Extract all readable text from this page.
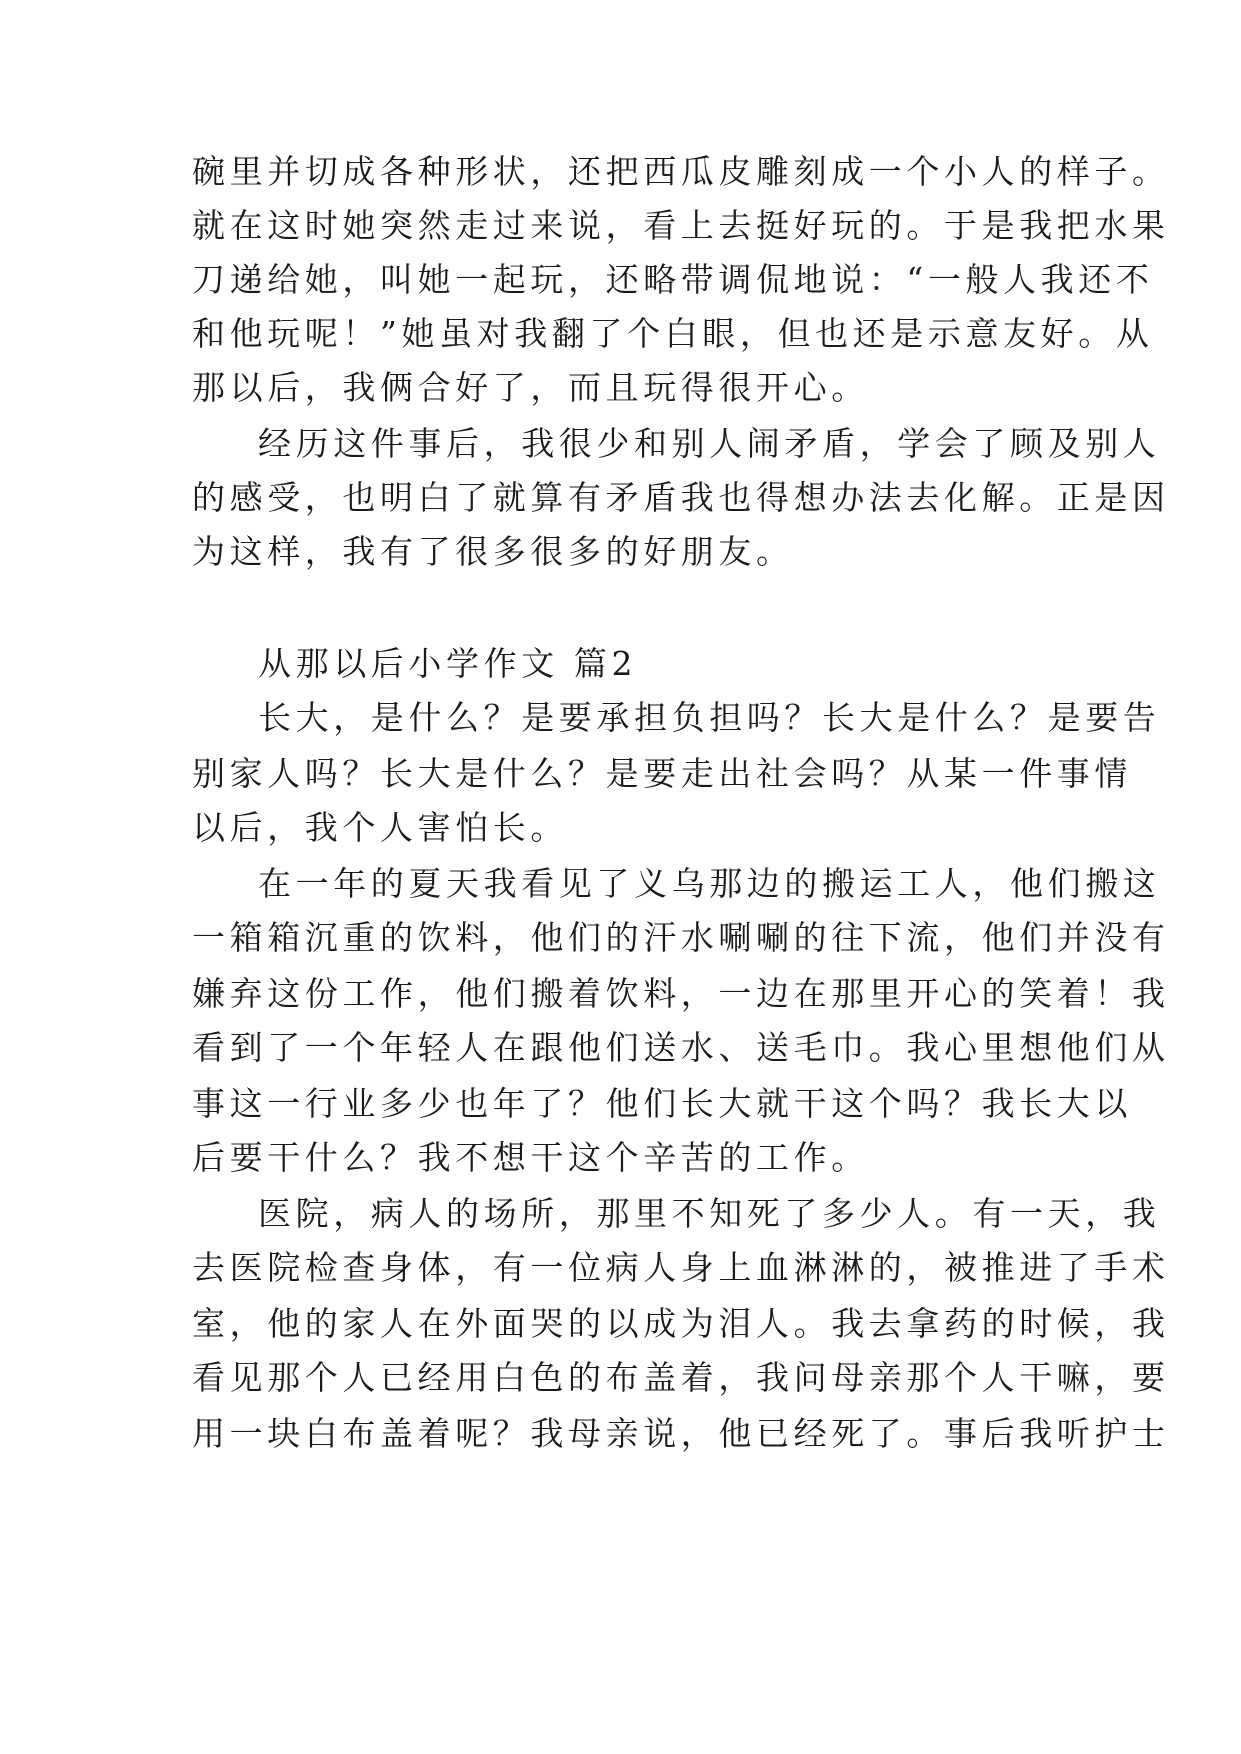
碗里并切成各种形状，还把西瓜皮雕刻成一个小人的样子。
就在这时她突然走过来说，看上去挺好玩的。于是我把水果
刀递给她，叫她一起玩，还略带调侃地说：“一般人我还不
和他玩呢！”她虽对我翻了个白眼，但也还是示意友好。从
那以后，我俩合好了，而且玩得很开心。
经历这件事后，我很少和别人闹矛盾，学会了顾及别人
的感受，也明白了就算有矛盾我也得想办法去化解。正是因
为这样，我有了很多很多的好朋友。
从那以后小学作文 篇2
长大，是什么？是要承担负担吗？长大是什么？是要告
别家人吗？长大是什么？是要走出社会吗？从某一件事情
以后，我个人害怕长。
在一年的夏天我看见了义乌那边的搬运工人，他们搬这
一箱箱沉重的饮料，他们的汗水唰唰的往下流，他们并没有
嫌弃这份工作，他们搬着饮料，一边在那里开心的笑着！我
看到了一个年轻人在跟他们送水、送毛巾。我心里想他们从
事这一行业多少也年了？他们长大就干这个吗？我长大以
后要干什么？我不想干这个辛苦的工作。
医院，病人的场所，那里不知死了多少人。有一天，我
去医院检查身体，有一位病人身上血淋淋的，被推进了手术
室，他的家人在外面哭的以成为泪人。我去拿药的时候，我
看见那个人已经用白色的布盖着，我问母亲那个人干嘛，要
用一块白布盖着呢？我母亲说，他已经死了。事后我听护士
